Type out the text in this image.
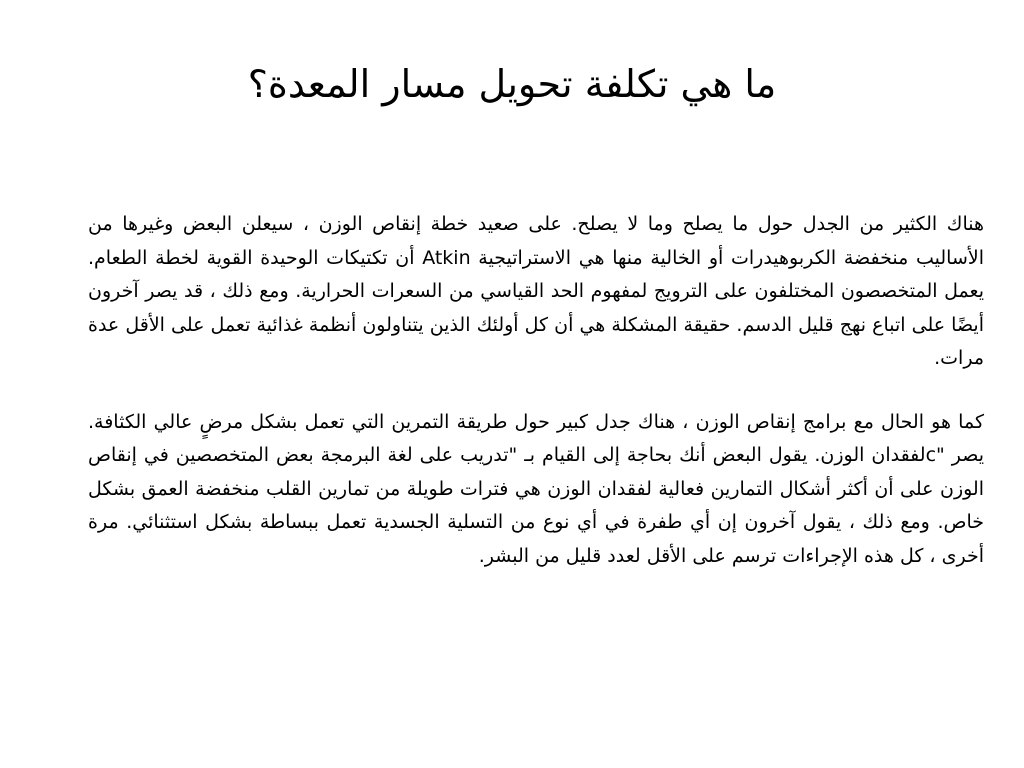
ما هي تكلفة تحويل مسار المعدة؟

هناك الكثير من الجدل حول ما يصلح وما لا يصلح. على صعيد خطة إنقاص الوزن ، سيعلن البعض وغيرها من الأساليب منخفضة الكربوهيدرات أو الخالية منها هي الاستراتيجية ‏Atkin‏ أن تكتيكات الوحيدة القوية لخطة الطعام. يعمل المتخصصون المختلفون على الترويج لمفهوم الحد القياسي من السعرات الحرارية. ومع ذلك ، قد يصر آخرون أيضًا على اتباع نهج قليل الدسم. حقيقة المشكلة هي أن كل أولئك الذين يتناولون أنظمة غذائية تعمل على الأقل عدة مرات.

كما هو الحال مع برامج إنقاص الوزن ، هناك جدل كبير حول طريقة التمرين التي تعمل بشكل مرضٍ عالي الكثافة. يصر "‏c‏لفقدان الوزن. يقول البعض أنك بحاجة إلى القيام بـ "تدريب على لغة البرمجة بعض المتخصصين في إنقاص الوزن على أن أكثر أشكال التمارين فعالية لفقدان الوزن هي فترات طويلة من تمارين القلب منخفضة العمق بشكل خاص. ومع ذلك ، يقول آخرون إن أي طفرة في أي نوع من التسلية الجسدية تعمل ببساطة بشكل استثنائي. مرة أخرى ، كل هذه الإجراءات ترسم على الأقل لعدد قليل من البشر.
